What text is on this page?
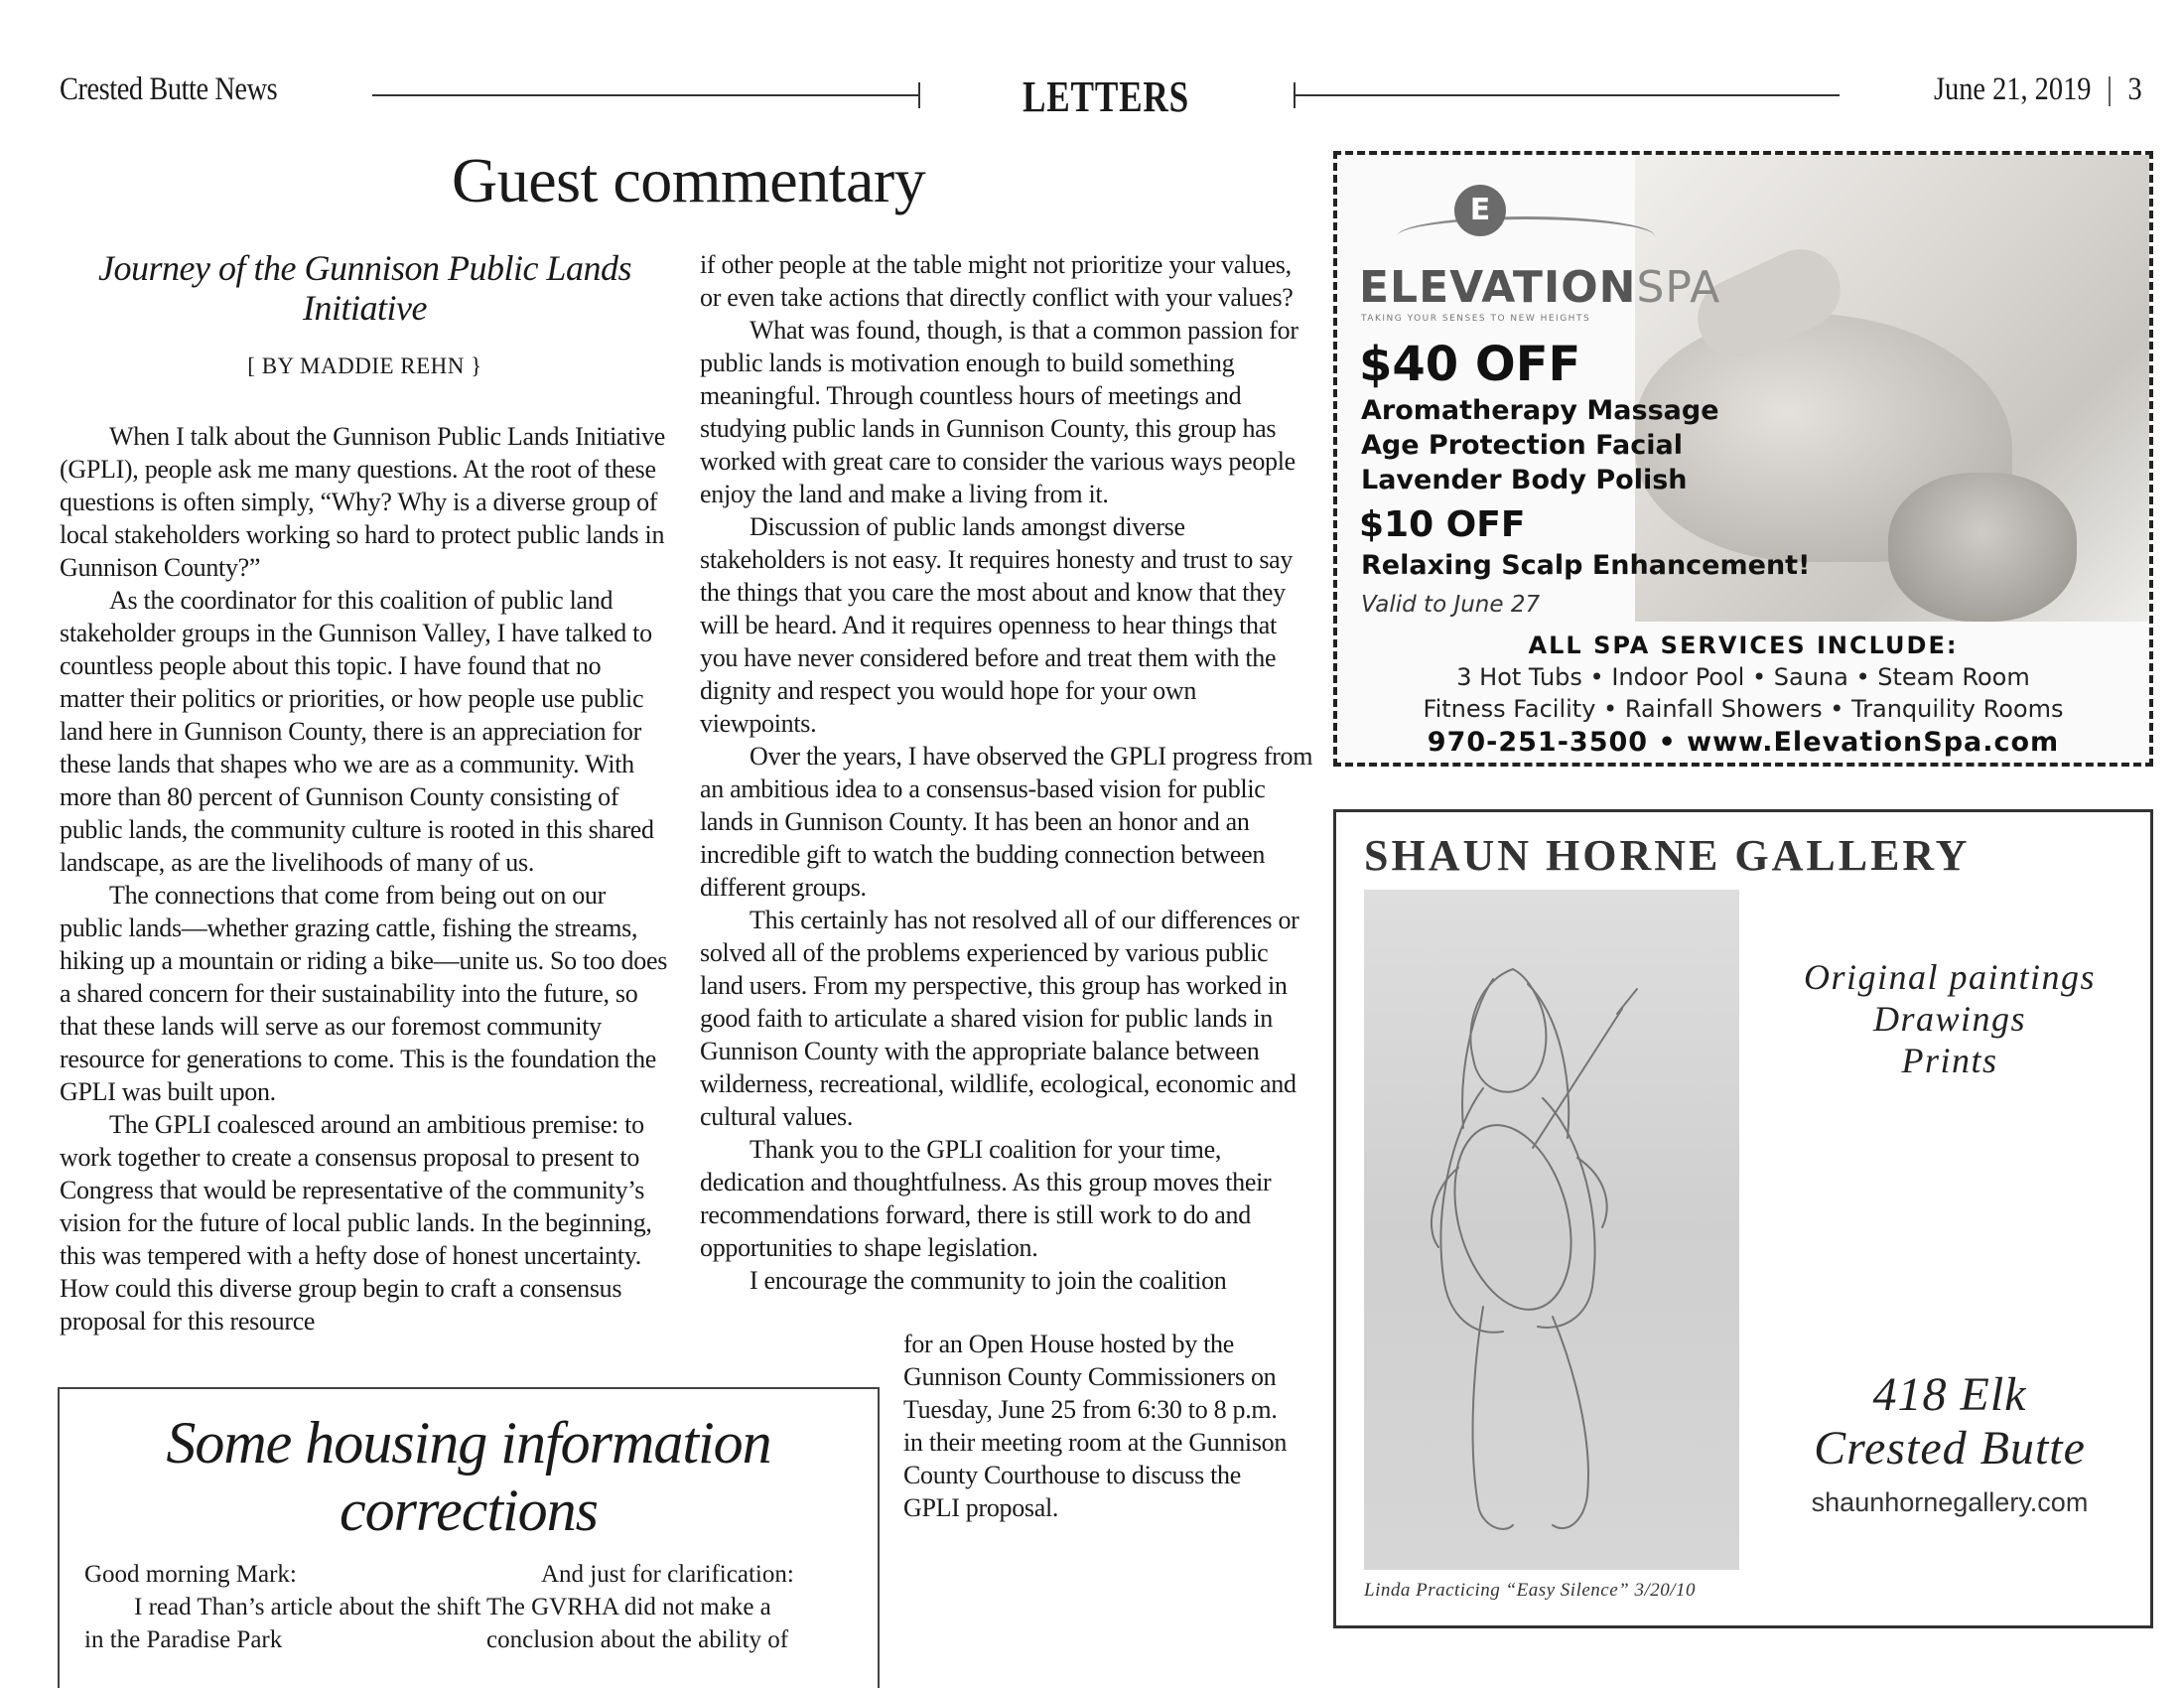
Crested Butte News	LETTERS	June 21, 2019 | 3
Guest commentary
Journey of the Gunnison Public Lands Initiative
[ BY MADDIE REHN }

When I talk about the Gunnison Public Lands Initiative (GPLI), people ask me many questions. At the root of these questions is often simply, “Why? Why is a diverse group of local stakeholders working so hard to protect public lands in Gunnison County?”

As the coordinator for this coalition of public land stakeholder groups in the Gunnison Valley, I have talked to countless people about this topic. I have found that no matter their politics or priorities, or how people use public land here in Gunnison County, there is an appreciation for these lands that shapes who we are as a community. With more than 80 percent of Gunnison County consisting of public lands, the community culture is rooted in this shared landscape, as are the livelihoods of many of us.

The connections that come from being out on our public lands—whether grazing cattle, fishing the streams, hiking up a mountain or riding a bike—unite us. So too does a shared concern for their sustainability into the future, so that these lands will serve as our foremost community resource for generations to come. This is the foundation the GPLI was built upon.

The GPLI coalesced around an ambitious premise: to work together to create a consensus proposal to present to Congress that would be representative of the community’s vision for the future of local public lands. In the beginning, this was tempered with a hefty dose of honest uncertainty. How could this diverse group begin to craft a consensus proposal for this resource

if other people at the table might not prioritize your values, or even take actions that directly conflict with your values?

What was found, though, is that a common passion for public lands is motivation enough to build something meaningful. Through countless hours of meetings and studying public lands in Gunnison County, this group has worked with great care to consider the various ways people enjoy the land and make a living from it.

Discussion of public lands amongst diverse stakeholders is not easy. It requires honesty and trust to say the things that you care the most about and know that they will be heard. And it requires openness to hear things that you have never considered before and treat them with the dignity and respect you would hope for your own viewpoints.

Over the years, I have observed the GPLI progress from an ambitious idea to a consensus-based vision for public lands in Gunnison County. It has been an honor and an incredible gift to watch the budding connection between different groups.

This certainly has not resolved all of our differences or solved all of the problems experienced by various public land users. From my perspective, this group has worked in good faith to articulate a shared vision for public lands in Gunnison County with the appropriate balance between wilderness, recreational, wildlife, ecological, economic and cultural values.

Thank you to the GPLI coalition for your time, dedication and thoughtfulness. As this group moves their recommendations forward, there is still work to do and opportunities to shape legislation.

I encourage the community to join the coalition

for an Open House hosted by the Gunnison County Commissioners on Tuesday, June 25 from 6:30 to 8 p.m. in their meeting room at the Gunnison County Courthouse to discuss the GPLI proposal.

Some housing information corrections

Good morning Mark:

I read Than’s article about the shift in the Paradise Park

And just for clarification:

The GVRHA did not make a conclusion about the ability of

E
ELEVATIONSPA
TAKING YOUR SENSES TO NEW HEIGHTS
$40 OFF
Aromatherapy Massage
Age Protection Facial
Lavender Body Polish
$10 OFF
Relaxing Scalp Enhancement!
Valid to June 27
ALL SPA SERVICES INCLUDE:
3 Hot Tubs • Indoor Pool • Sauna • Steam Room
Fitness Facility • Rainfall Showers • Tranquility Rooms
970-251-3500 • www.ElevationSpa.com
SHAUN HORNE GALLERY
Linda Practicing “Easy Silence” 3/20/10
Original paintings
Drawings
Prints
418 Elk
Crested Butte
shaunhornegallery.com
